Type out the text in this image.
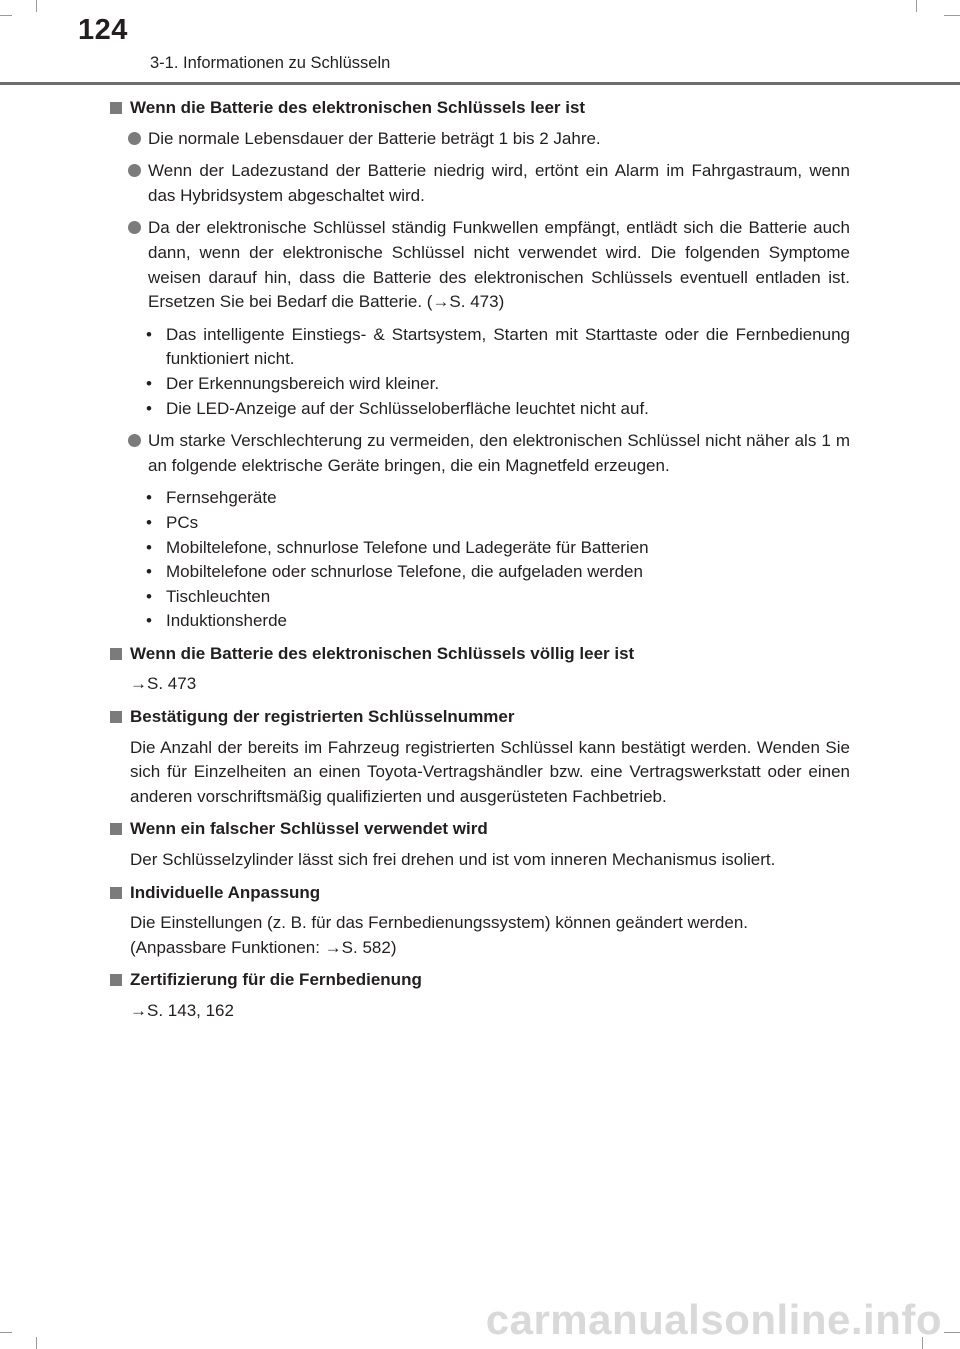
124
3-1. Informationen zu Schlüsseln
Wenn die Batterie des elektronischen Schlüssels leer ist
Die normale Lebensdauer der Batterie beträgt 1 bis 2 Jahre.
Wenn der Ladezustand der Batterie niedrig wird, ertönt ein Alarm im Fahrgastraum, wenn das Hybridsystem abgeschaltet wird.
Da der elektronische Schlüssel ständig Funkwellen empfängt, entlädt sich die Batterie auch dann, wenn der elektronische Schlüssel nicht verwendet wird. Die folgenden Symptome weisen darauf hin, dass die Batterie des elektronischen Schlüssels eventuell entladen ist. Ersetzen Sie bei Bedarf die Batterie. (→S. 473)
• Das intelligente Einstiegs- & Startsystem, Starten mit Starttaste oder die Fernbedienung funktioniert nicht.
• Der Erkennungsbereich wird kleiner.
• Die LED-Anzeige auf der Schlüsseloberfläche leuchtet nicht auf.
Um starke Verschlechterung zu vermeiden, den elektronischen Schlüssel nicht näher als 1 m an folgende elektrische Geräte bringen, die ein Magnetfeld erzeugen.
• Fernsehgeräte
• PCs
• Mobiltelefone, schnurlose Telefone und Ladegeräte für Batterien
• Mobiltelefone oder schnurlose Telefone, die aufgeladen werden
• Tischleuchten
• Induktionsherde
Wenn die Batterie des elektronischen Schlüssels völlig leer ist
→S. 473
Bestätigung der registrierten Schlüsselnummer
Die Anzahl der bereits im Fahrzeug registrierten Schlüssel kann bestätigt werden. Wenden Sie sich für Einzelheiten an einen Toyota-Vertragshändler bzw. eine Vertragswerkstatt oder einen anderen vorschriftsmäßig qualifizierten und ausgerüsteten Fachbetrieb.
Wenn ein falscher Schlüssel verwendet wird
Der Schlüsselzylinder lässt sich frei drehen und ist vom inneren Mechanismus isoliert.
Individuelle Anpassung
Die Einstellungen (z. B. für das Fernbedienungssystem) können geändert werden.
(Anpassbare Funktionen: →S. 582)
Zertifizierung für die Fernbedienung
→S. 143, 162
carmanualsonline.info
